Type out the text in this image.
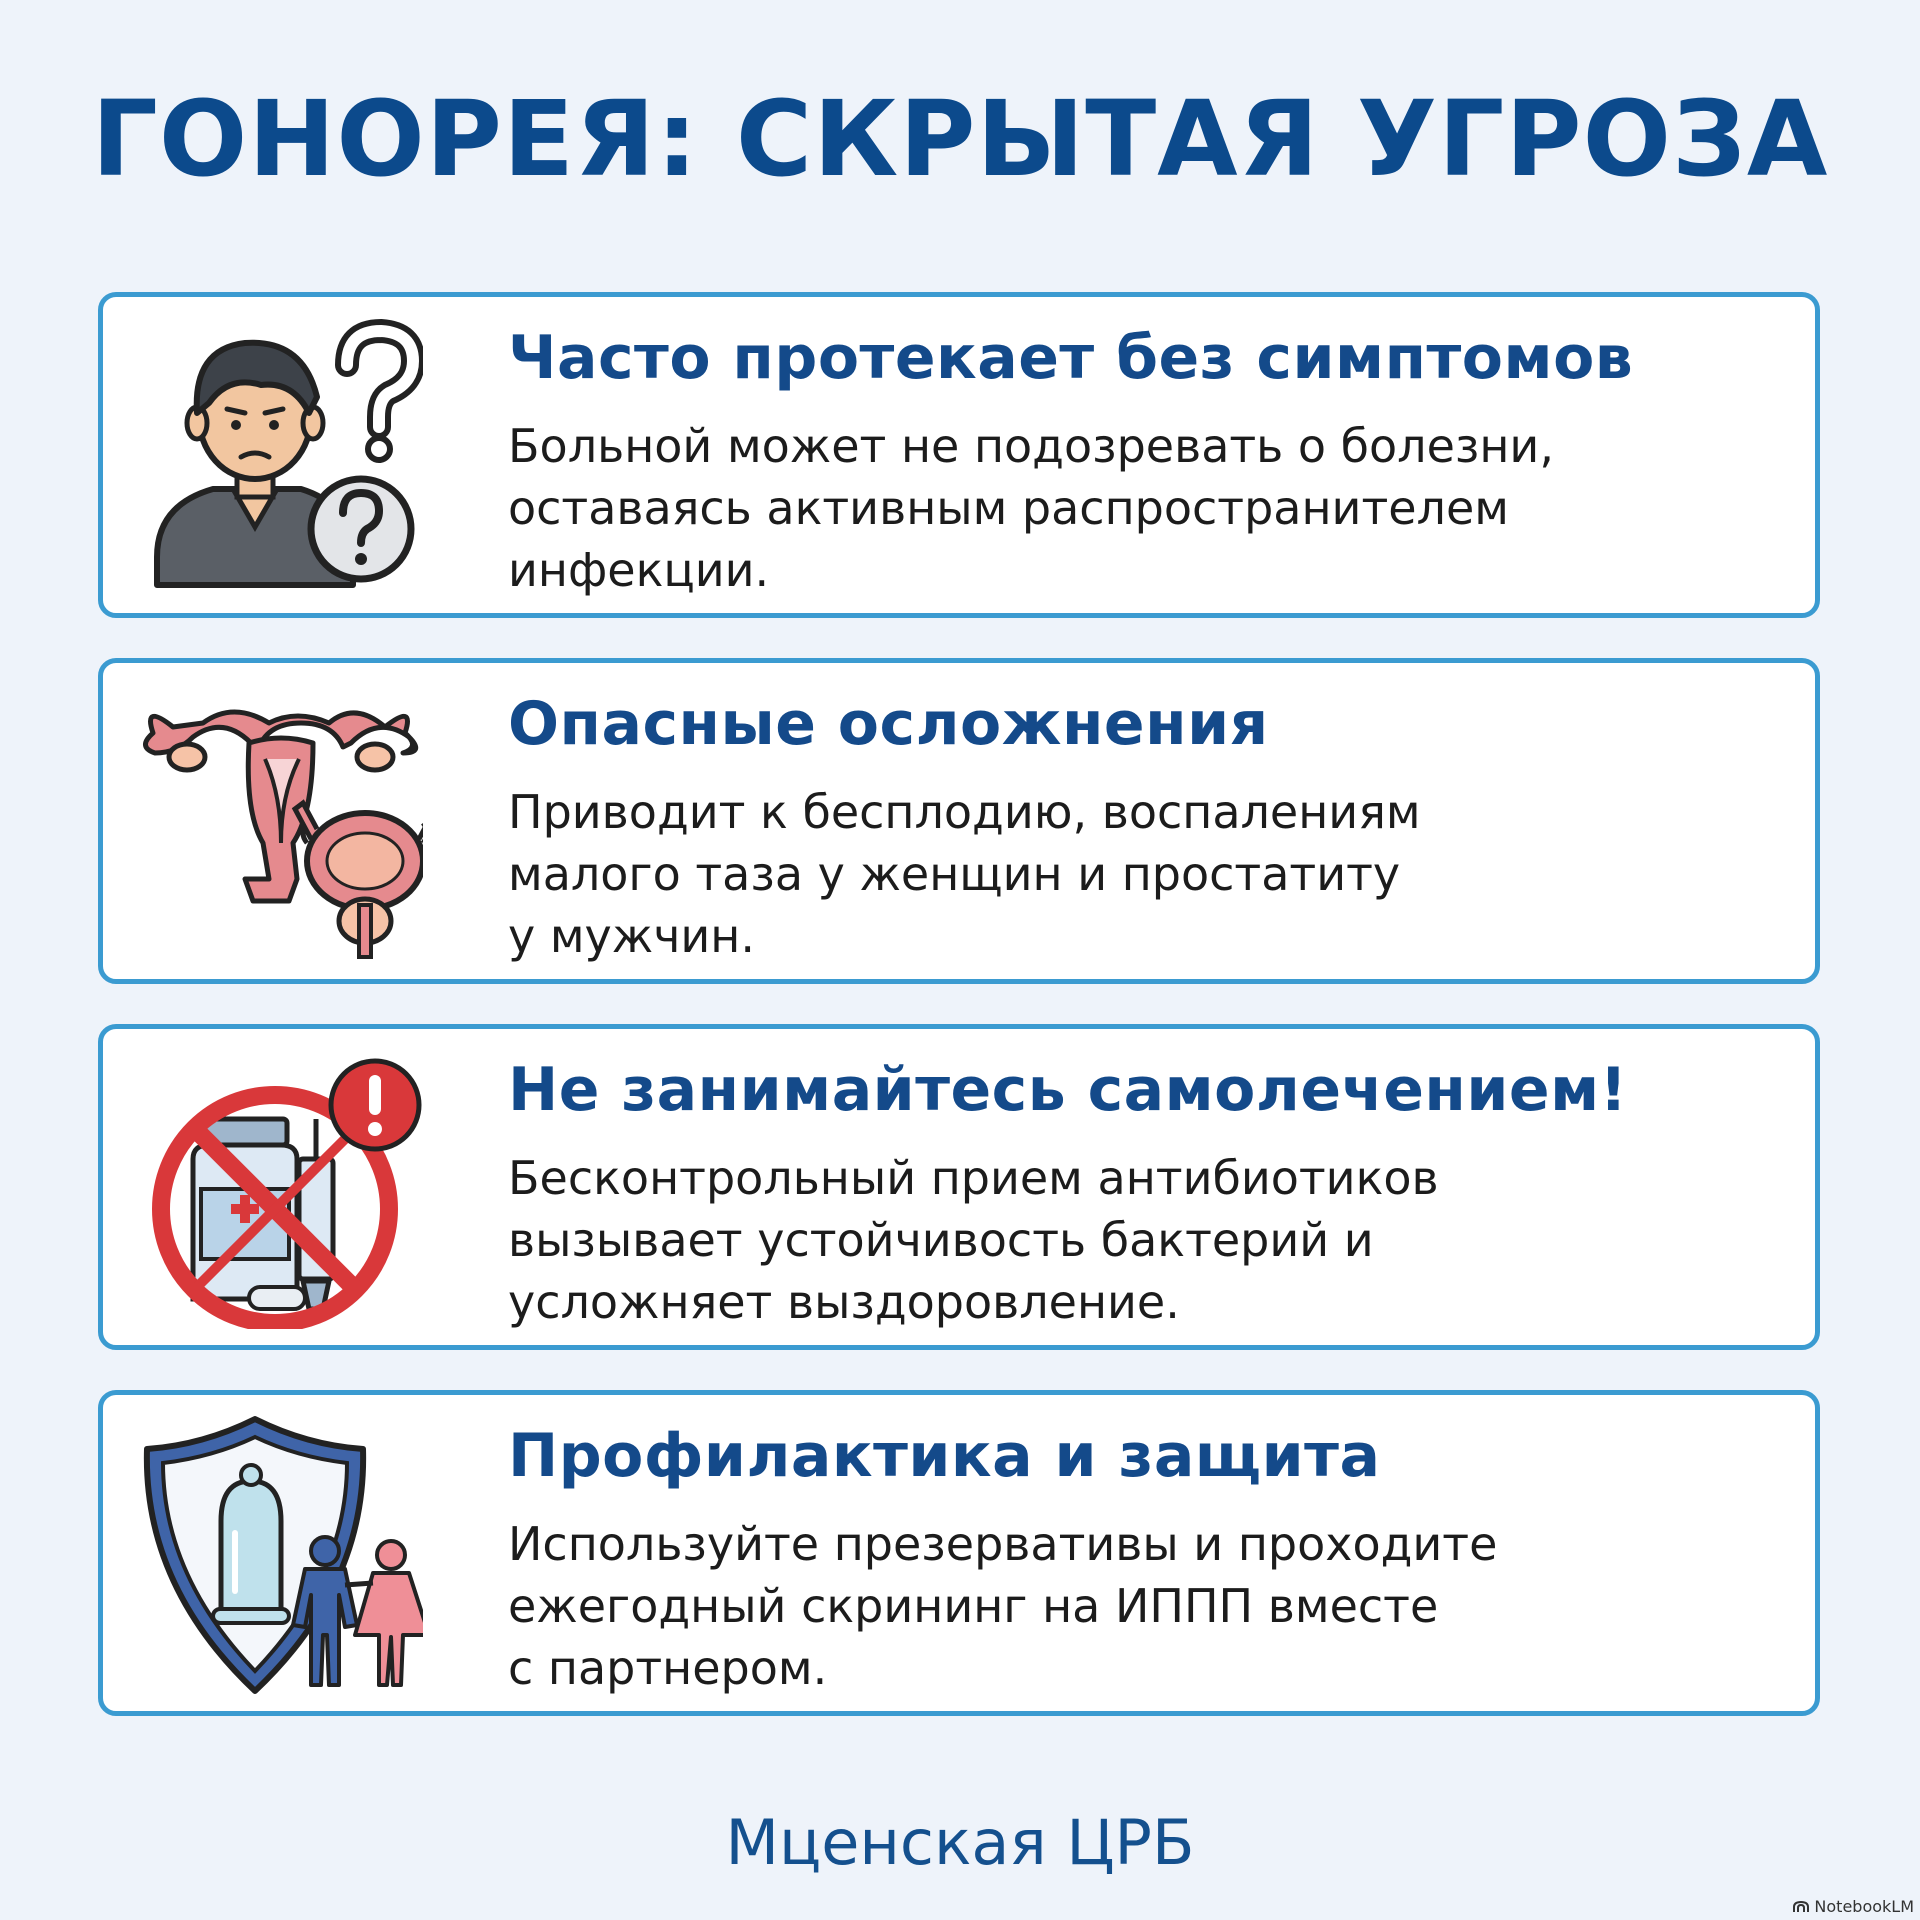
ГОНОРЕЯ: СКРЫТАЯ УГРОЗА
Часто протекает без симптомов
Больной может не подозревать о болезни,
оставаясь активным распространителем
инфекции.
Опасные осложнения
Приводит к бесплодию, воспалениям
малого таза у женщин и простатиту
у мужчин.
Не занимайтесь самолечением!
Бесконтрольный прием антибиотиков
вызывает устойчивость бактерий и
усложняет выздоровление.
Профилактика и защита
Используйте презервативы и проходите
ежегодный скрининг на ИППП вместе
с партнером.
Мценская ЦРБ
NotebookLM
